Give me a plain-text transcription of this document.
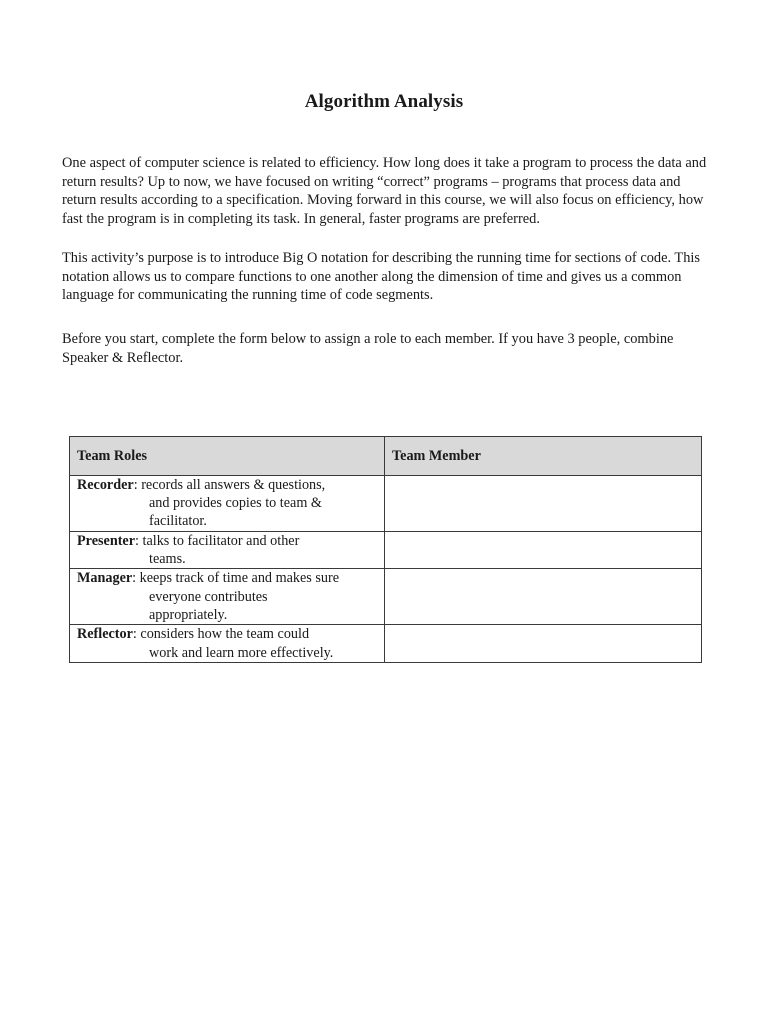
Algorithm Analysis

One aspect of computer science is related to efficiency. How long does it take a program to process the data and return results? Up to now, we have focused on writing “correct” programs – programs that process data and return results according to a specification. Moving forward in this course, we will also focus on efficiency, how fast the program is in completing its task. In general, faster programs are preferred.

This activity’s purpose is to introduce Big O notation for describing the running time for sections of code. This notation allows us to compare functions to one another along the dimension of time and gives us a common language for communicating the running time of code segments.

Before you start, complete the form below to assign a role to each member. If you have 3 people, combine Speaker & Reflector.

Team Roles	Team Member

Recorder: records all answers & questions,
and provides copies to team &
facilitator.	

Presenter: talks to facilitator and other
teams.	

Manager: keeps track of time and makes sure
everyone contributes
appropriately.	

Reflector: considers how the team could
work and learn more effectively.	
